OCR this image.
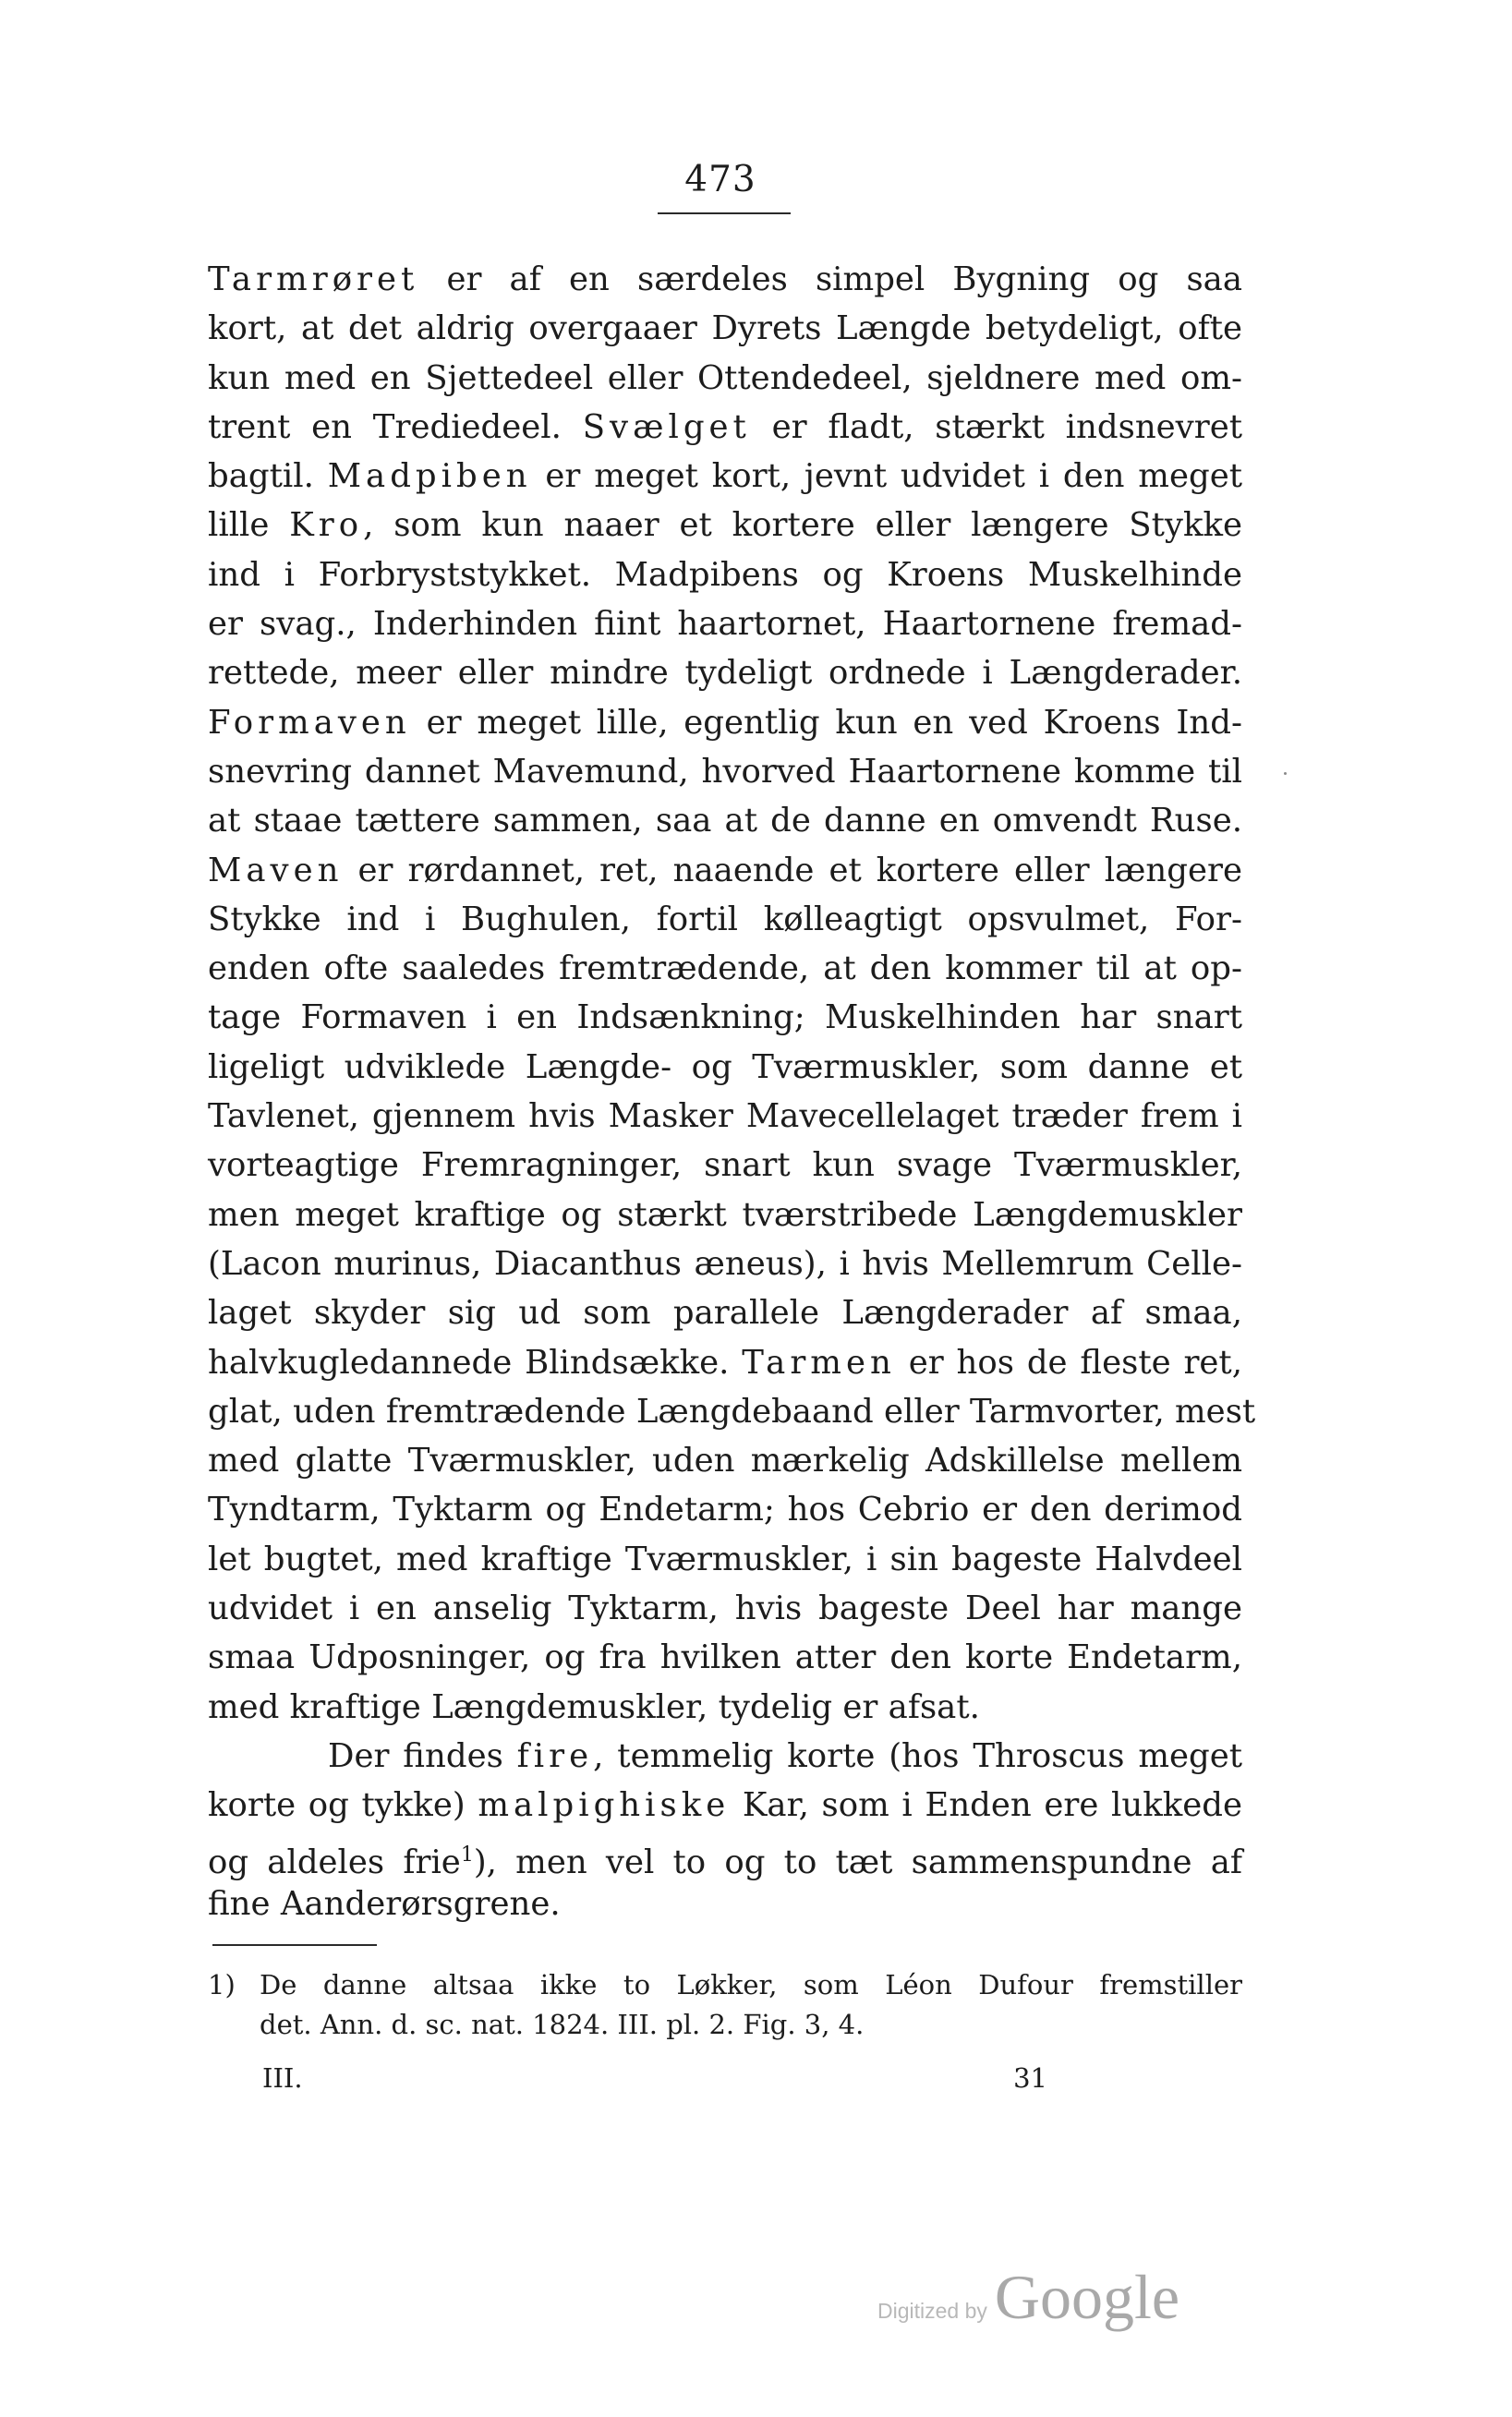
473
Tarmrøret er af en særdeles simpel Bygning og saa
kort, at det aldrig overgaaer Dyrets Længde betydeligt, ofte
kun med en Sjettedeel eller Ottendedeel, sjeldnere med om-
trent en Trediedeel. Svælget er fladt, stærkt indsnevret
bagtil. Madpiben er meget kort, jevnt udvidet i den meget
lille Kro, som kun naaer et kortere eller længere Stykke
ind i Forbryststykket. Madpibens og Kroens Muskelhinde
er svag., Inderhinden fiint haartornet, Haartornene fremad-
rettede, meer eller mindre tydeligt ordnede i Længderader.
Formaven er meget lille, egentlig kun en ved Kroens Ind-
snevring dannet Mavemund, hvorved Haartornene komme til
at staae tættere sammen, saa at de danne en omvendt Ruse.
Maven er rørdannet, ret, naaende et kortere eller længere
Stykke ind i Bughulen, fortil køllеagtigt opsvulmet, For-
enden ofte saaledes fremtrædende, at den kommer til at op-
tage Formaven i en Indsænkning; Muskelhinden har snart
ligeligt udviklede Længde- og Tværmuskler, som danne et
Tavlenet, gjennem hvis Masker Mavecellelaget træder frem i
vorteagtige Fremragninger, snart kun svage Tværmuskler,
men meget kraftige og stærkt tværstribede Længdemuskler
(Lacon murinus, Diacanthus æneus), i hvis Mellemrum Celle-
laget skyder sig ud som parallele Længderader af smaa,
halvkugledannede Blindsække. Tarmen er hos de fleste ret,
glat, uden fremtrædende Længdebaand eller Tarmvorter, mest
med glatte Tværmuskler, uden mærkelig Adskillelse mellem
Tyndtarm, Tyktarm og Endetarm; hos Cebrio er den derimod
let bugtet, med kraftige Tværmuskler, i sin bageste Halvdeel
udvidet i en anselig Tyktarm, hvis bageste Deel har mange
smaa Udposninger, og fra hvilken atter den korte Endetarm,
med kraftige Længdemuskler, tydelig er afsat.
Der findes fire, temmelig korte (hos Throscus meget
korte og tykke) malpighiske Kar, som i Enden ere lukkede
og aldeles frie$^1$), men vel to og to tæt sammenspundne af
fine Aanderørsgrene.
1) De danne altsaa ikke to Løkker, som Léon Dufour fremstiller
det. Ann. d. sc. nat. 1824. III. pl. 2. Fig. 3, 4.
III.	31
Digitized by Google
